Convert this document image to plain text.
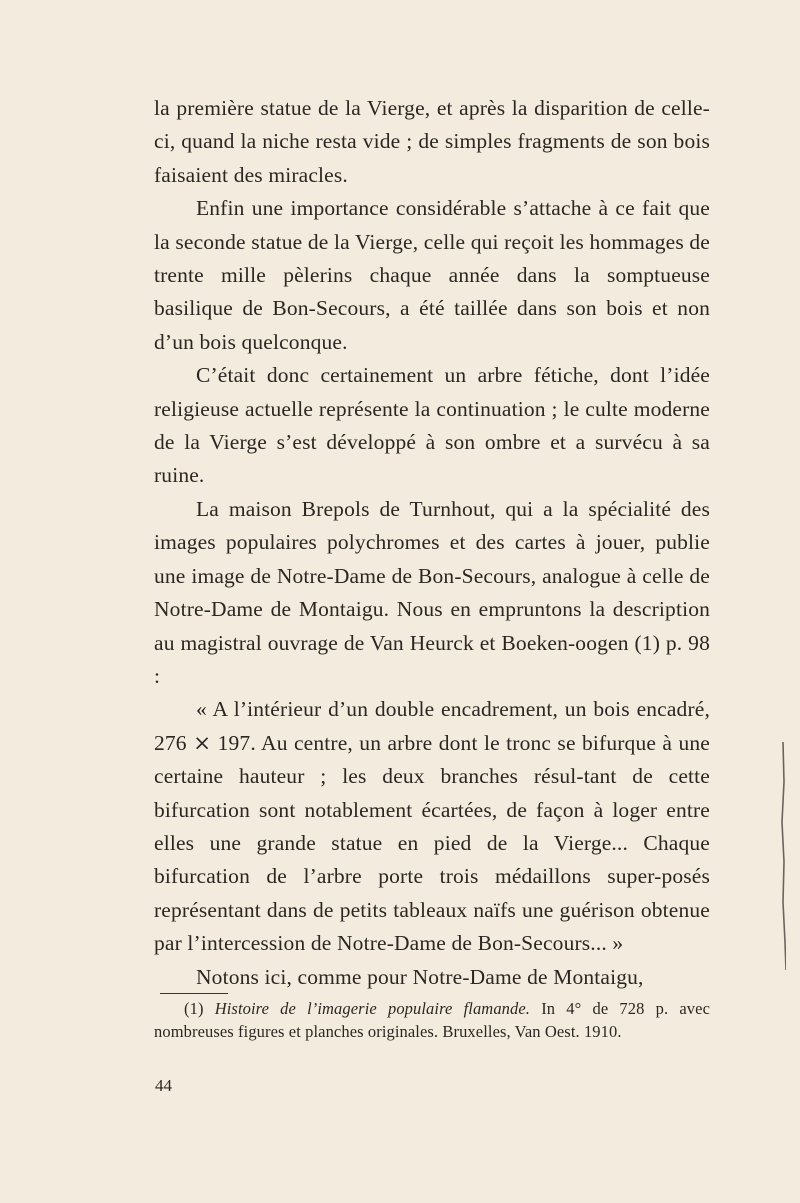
la première statue de la Vierge, et après la disparition de celle-ci, quand la niche resta vide ; de simples fragments de son bois faisaient des miracles.

Enfin une importance considérable s’attache à ce fait que la seconde statue de la Vierge, celle qui reçoit les hommages de trente mille pèlerins chaque année dans la somptueuse basilique de Bon-Secours, a été taillée dans son bois et non d’un bois quelconque.

C’était donc certainement un arbre fétiche, dont l’idée religieuse actuelle représente la continuation ; le culte moderne de la Vierge s’est développé à son ombre et a survécu à sa ruine.

La maison Brepols de Turnhout, qui a la spécialité des images populaires polychromes et des cartes à jouer, publie une image de Notre-Dame de Bon-Secours, analogue à celle de Notre-Dame de Montaigu. Nous en empruntons la description au magistral ouvrage de Van Heurck et Boeken-oogen (1) p. 98 :

« A l’intérieur d’un double encadrement, un bois encadré, 276 ⨯ 197. Au centre, un arbre dont le tronc se bifurque à une certaine hauteur ; les deux branches résul-tant de cette bifurcation sont notablement écartées, de façon à loger entre elles une grande statue en pied de la Vierge... Chaque bifurcation de l’arbre porte trois médaillons super-posés représentant dans de petits tableaux naïfs une guérison obtenue par l’intercession de Notre-Dame de Bon-Secours... »

Notons ici, comme pour Notre-Dame de Montaigu,

(1) Histoire de l’imagerie populaire flamande. In 4° de 728 p. avec nombreuses figures et planches originales. Bruxelles, Van Oest. 1910.

44
